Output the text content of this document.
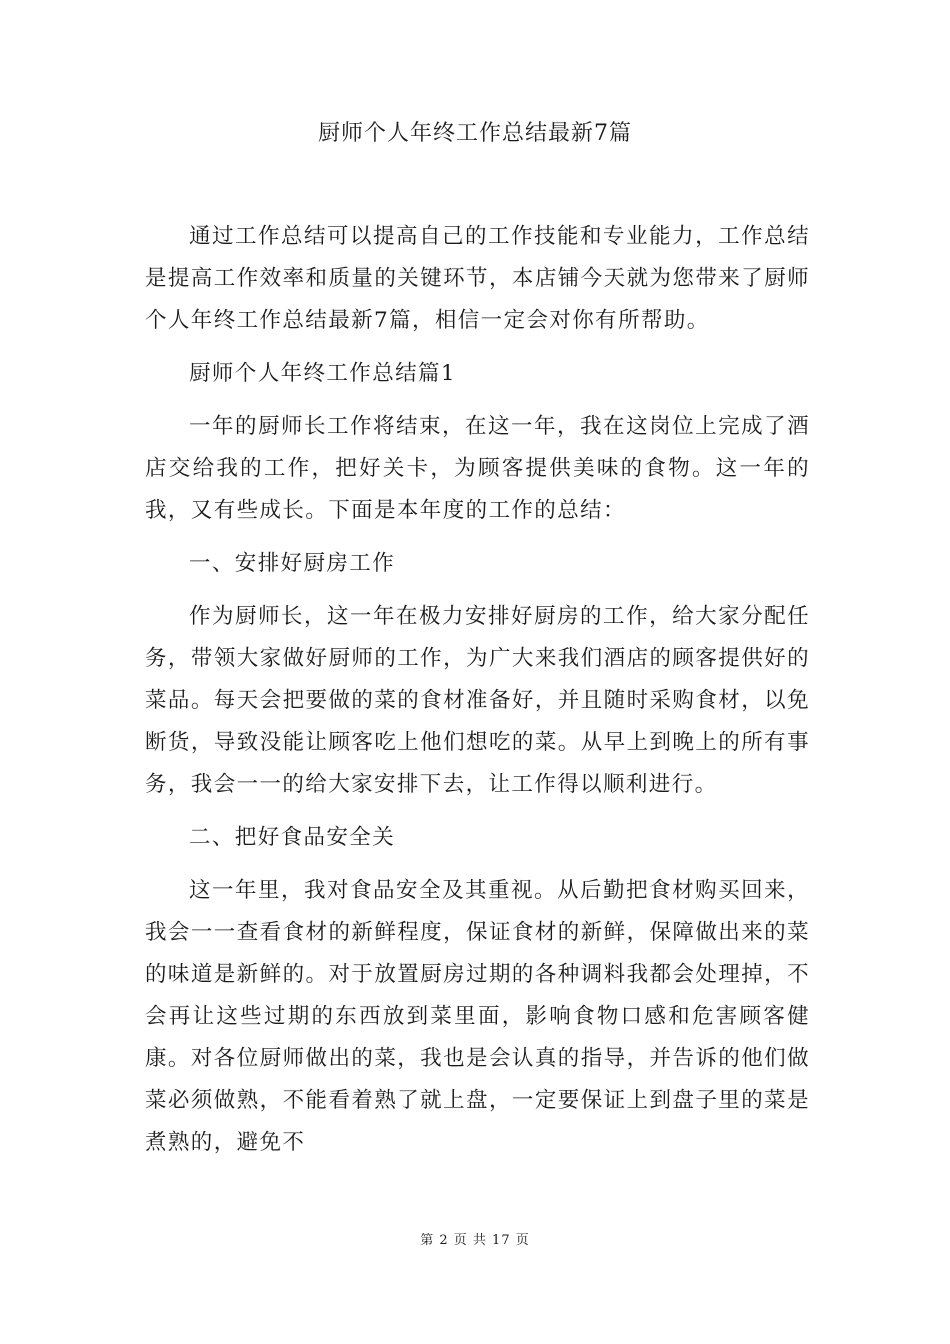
厨师个人年终工作总结最新7篇

通过工作总结可以提高自己的工作技能和专业能力，工作总结是提高工作效率和质量的关键环节，本店铺今天就为您带来了厨师个人年终工作总结最新7篇，相信一定会对你有所帮助。

厨师个人年终工作总结篇1

一年的厨师长工作将结束，在这一年，我在这岗位上完成了酒店交给我的工作，把好关卡，为顾客提供美味的食物。这一年的我，又有些成长。下面是本年度的工作的总结：

一、安排好厨房工作

作为厨师长，这一年在极力安排好厨房的工作，给大家分配任务，带领大家做好厨师的工作，为广大来我们酒店的顾客提供好的菜品。每天会把要做的菜的食材准备好，并且随时采购食材，以免断货，导致没能让顾客吃上他们想吃的菜。从早上到晚上的所有事务，我会一一的给大家安排下去，让工作得以顺利进行。

二、把好食品安全关

这一年里，我对食品安全及其重视。从后勤把食材购买回来，我会一一查看食材的新鲜程度，保证食材的新鲜，保障做出来的菜的味道是新鲜的。对于放置厨房过期的各种调料我都会处理掉，不会再让这些过期的东西放到菜里面，影响食物口感和危害顾客健康。对各位厨师做出的菜，我也是会认真的指导，并告诉的他们做菜必须做熟，不能看着熟了就上盘，一定要保证上到盘子里的菜是煮熟的，避免不

第 2 页 共 17 页
